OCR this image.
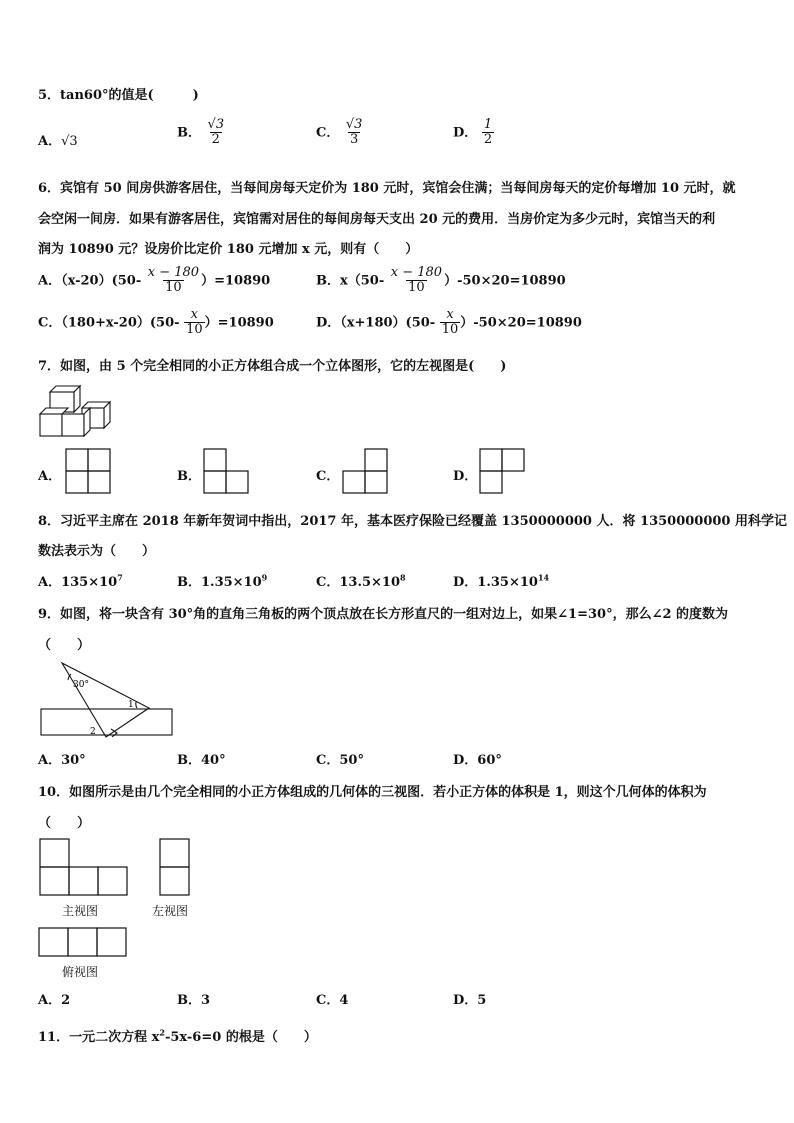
5．tan60°的值是(　　　)
A．√3
B． $\frac{√3}{2}$	C． $\frac{√3}{3}$	D． $\frac{1}{2}$
6．宾馆有 50 间房供游客居住，当每间房每天定价为 180 元时，宾馆会住满；当每间房每天的定价每增加 10 元时，就
会空闲一间房．如果有游客居住，宾馆需对居住的每间房每天支出 20 元的费用．当房价定为多少元时，宾馆当天的利
润为 10890 元？设房价比定价 180 元增加 x 元，则有（　　）
A．$(x-20)(50- \frac{x - 180}{10} )=10890$	B．$x(50- \frac{x - 180}{10} )-50\times 20=10890$
C．$(180+x-20)(50- \frac{x}{10} )=10890$	D．$(x+180)(50- \frac{x}{10} )-50\times 20=10890$
7．如图，由 5 个完全相同的小正方体组合成一个立体图形，它的左视图是(　　)
A．	B．	C．	D．
8．习近平主席在 2018 年新年贺词中指出，2017 年，基本医疗保险已经覆盖 1350000000 人．将 1350000000 用科学记
数法表示为（　　）
A．$135\times 10^7$	B．$1.35\times 10^9$	C．$13.5\times 10^8$	D．$1.35\times 10^{14}$
9．如图，将一块含有 30°角的直角三角板的两个顶点放在长方形直尺的一组对边上，如果∠1=30°，那么∠2 的度数为
（　　）
30°
1
2
A．30°	B．40°	C．50°	D．60°
10．如图所示是由几个完全相同的小正方体组成的几何体的三视图．若小正方体的体积是 1，则这个几何体的体积为
（　　）
主视图	左视图
俯视图
A．2	B．3	C．4	D．5
11．一元二次方程 $x^2-5x-6=0$ 的根是（　　）
